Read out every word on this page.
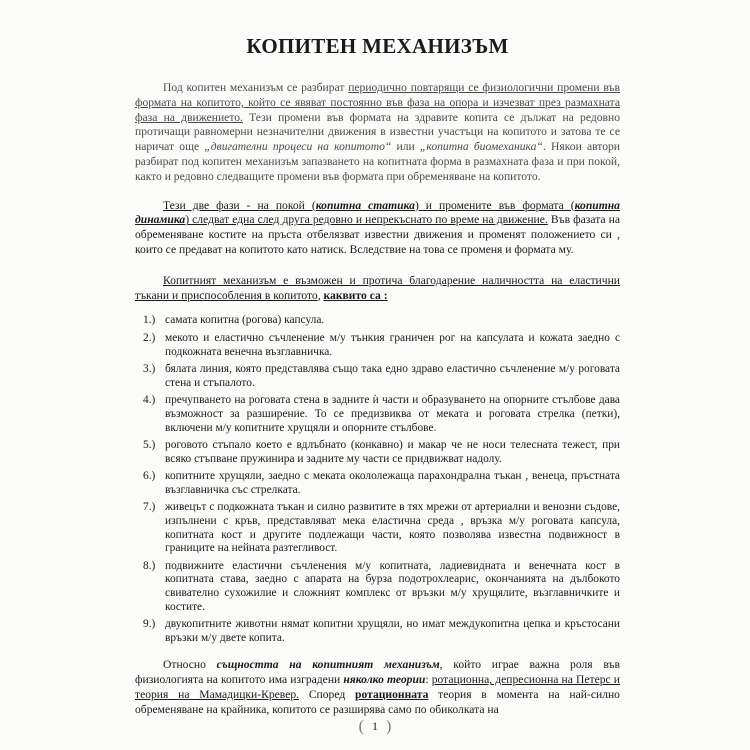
КОПИТЕН МЕХАНИЗЪМ

Под копитен механизъм се разбират периодично повтарящи се физиологични промени във формата на копитото, който се явяват постоянно във фаза на опора и изчезват през размахната фаза на движението. Тези промени във формата на здравите копита се дължат на редовно протичащи равномерни незначителни движения в известни участъци на копитото и затова те се наричат още „двигателни процеси на копитото“ или „копитна биомеханика“. Някои автори разбират под копитен механизъм запазването на копитната форма в размахната фаза и при покой, както и редовно следващите промени във формата при обременяване на копитото.

Тези две фази - на покой (копитна статика) и промените във формата (копитна динамика) следват една след друга редовно и непрекъснато по време на движение. Във фазата на обременяване костите на пръста отбелязват известни движения и променят положението си , които се предават на копитото като натиск. Вследствие на това се променя и формата му.

Копитният механизъм е възможен и протича благодарение наличността на еластични тъкани и приспособления в копитото, каквито са :

1.) самата копитна (рогова) капсула.
2.) мекото и еластично съчленение м/у тънкия граничен рог на капсулата и кожата заедно с подкожната венечна възглавничка.
3.) бялата линия, която представлява също така едно здраво еластично съчленение м/у роговата стена и стъпалото.
4.) пречупването на роговата стена в задните ѝ части и образуването на опорните стълбове дава възможност за разширение. То се предизвиква от меката и роговата стрелка (петки), включени м/у копитните хрущяли и опорните стълбове.
5.) роговото стъпало което е вдлъбнато (конкавно) и макар че не носи телесната тежест, при всяко стъпване пружинира и задните му части се придвижват надолу.
6.) копитните хрущяли, заедно с меката окололежаща парахондрална тъкан , венеца, пръстната възглавничка със стрелката.
7.) живецът с подкожната тъкан и силно развитите в тях мрежи от артериални и венозни съдове, изпълнени с кръв, представляват мека еластична среда , връзка м/у роговата капсула, копитната кост и другите подлежащи части, която позволява известна подвижност в границите на нейната разтегливост.
8.) подвижните еластични съчленения м/у копитната, ладиевидната и венечната кост в копитната става, заедно с апарата на бурза подотрохлеарис, окончанията на дълбокото свивателно сухожилие и сложният комплекс от връзки м/у хрущялите, възглавничките и костите.
9.) двукопитните животни нямат копитни хрущяли, но имат междукопитна цепка и кръстосани връзки м/у двете копита.

Относно същността на копитният механизъм, който играе важна роля във физиологията на копитото има изградени няколко теории: ротационна, депресионна на Петерс и теория на Мамадицки-Кревер. Според ротационната теория в момента на най-силно обременяване на крайника, копитото се разширява само по обиколката на

( 1 )
